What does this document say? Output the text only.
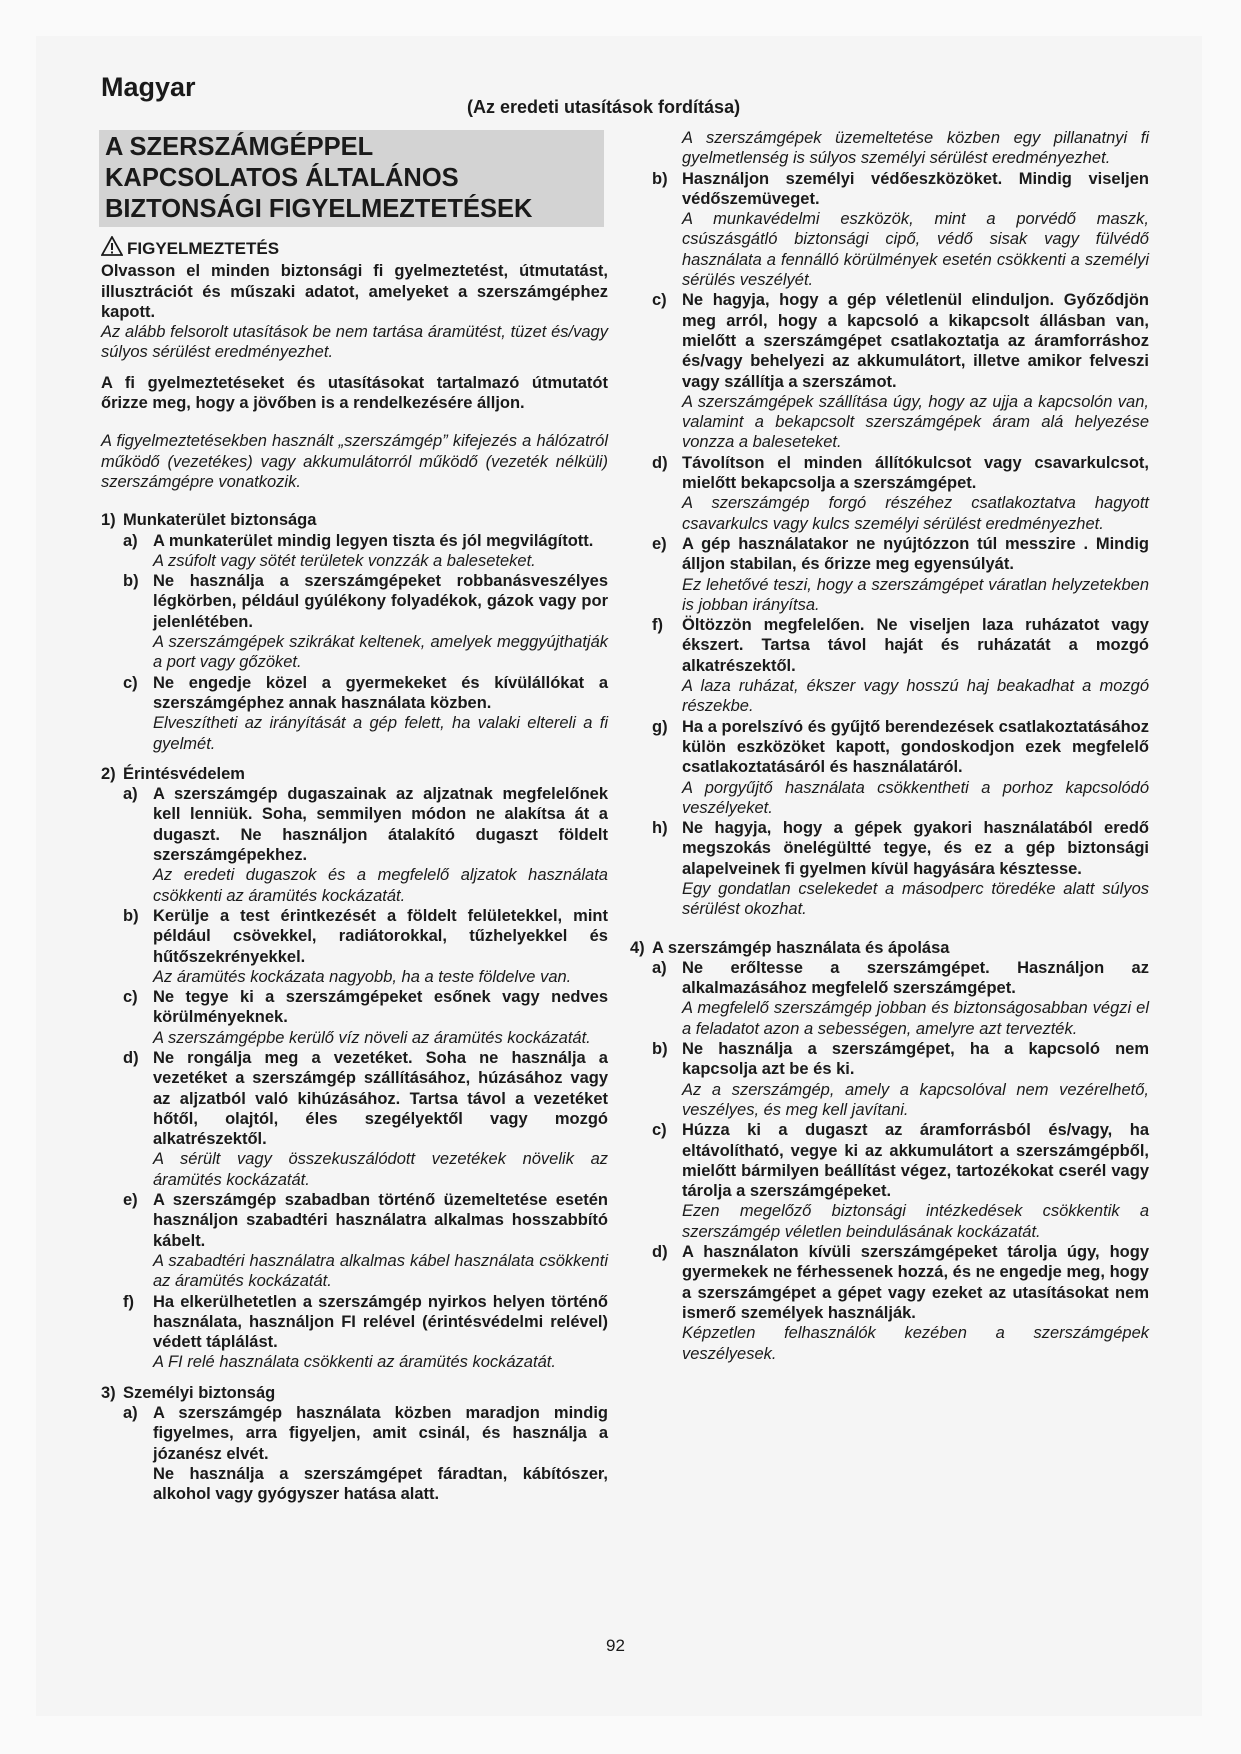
Magyar
(Az eredeti utasítások fordítása)
A SZERSZÁMGÉPPEL
KAPCSOLATOS ÁLTALÁNOS
BIZTONSÁGI FIGYELMEZTETÉSEK
FIGYELMEZTETÉS

Olvasson el minden biztonsági fi gyelmeztetést, útmutatást, illusztrációt és műszaki adatot, amelyeket a szerszámgéphez kapott.

Az alább felsorolt utasítások be nem tartása áramütést, tüzet és/vagy súlyos sérülést eredményezhet.

A fi gyelmeztetéseket és utasításokat tartalmazó útmutatót őrizze meg, hogy a jövőben is a rendelkezésére álljon.

A figyelmeztetésekben használt „szerszámgép” kifejezés a hálózatról működő (vezetékes) vagy akkumulátorról működő (vezeték nélküli) szerszámgépre vonatkozik.

1) Munkaterület biztonsága

a) A munkaterület mindig legyen tiszta és jól megvilágított.

A zsúfolt vagy sötét területek vonzzák a baleseteket.

b) Ne használja a szerszámgépeket robbanásveszélyes légkörben, például gyúlékony folyadékok, gázok vagy por jelenlétében.

A szerszámgépek szikrákat keltenek, amelyek meggyújthatják a port vagy gőzöket.

c) Ne engedje közel a gyermekeket és kívülállókat a szerszámgéphez annak használata közben.

Elveszítheti az irányítását a gép felett, ha valaki eltereli a fi gyelmét.

2) Érintésvédelem

a) A szerszámgép dugaszainak az aljzatnak megfelelőnek kell lenniük. Soha, semmilyen módon ne alakítsa át a dugaszt. Ne használjon átalakító dugaszt földelt szerszámgépekhez.

Az eredeti dugaszok és a megfelelő aljzatok használata csökkenti az áramütés kockázatát.

b) Kerülje a test érintkezését a földelt felületekkel, mint például csövekkel, radiátorokkal, tűzhelyekkel és hűtőszekrényekkel.

Az áramütés kockázata nagyobb, ha a teste földelve van.

c) Ne tegye ki a szerszámgépeket esőnek vagy nedves körülményeknek.

A szerszámgépbe kerülő víz növeli az áramütés kockázatát.

d) Ne rongálja meg a vezetéket. Soha ne használja a vezetéket a szerszámgép szállításához, húzásához vagy az aljzatból való kihúzásához. Tartsa távol a vezetéket hőtől, olajtól, éles szegélyektől vagy mozgó alkatrészektől.

A sérült vagy összekuszálódott vezetékek növelik az áramütés kockázatát.

e) A szerszámgép szabadban történő üzemeltetése esetén használjon szabadtéri használatra alkalmas hosszabbító kábelt.

A szabadtéri használatra alkalmas kábel használata csökkenti az áramütés kockázatát.

f)	Ha elkerülhetetlen a szerszámgép nyirkos helyen történő használata, használjon FI relével (érintésvédelmi relével) védett táplálást.

A FI relé használata csökkenti az áramütés kockázatát.

3) Személyi biztonság

a) A szerszámgép használata közben maradjon mindig figyelmes, arra figyeljen, amit csinál, és használja a józanész elvét.

Ne használja a szerszámgépet fáradtan, kábítószer, alkohol vagy gyógyszer hatása alatt.

A szerszámgépek üzemeltetése közben egy pillanatnyi fi gyelmetlenség is súlyos személyi sérülést eredményezhet.

b) Használjon személyi védőeszközöket. Mindig viseljen védőszemüveget.

A munkavédelmi eszközök, mint a porvédő maszk, csúszásgátló biztonsági cipő, védő sisak vagy fülvédő használata a fennálló körülmények esetén csökkenti a személyi sérülés veszélyét.

c) Ne hagyja, hogy a gép véletlenül elinduljon. Győződjön meg arról, hogy a kapcsoló a kikapcsolt állásban van, mielőtt a szerszámgépet csatlakoztatja az áramforráshoz és/vagy behelyezi az akkumulátort, illetve amikor felveszi vagy szállítja a szerszámot.

A szerszámgépek szállítása úgy, hogy az ujja a kapcsolón van, valamint a bekapcsolt szerszámgépek áram alá helyezése vonzza a baleseteket.

d) Távolítson el minden állítókulcsot vagy csavarkulcsot, mielőtt bekapcsolja a szerszámgépet.

A szerszámgép forgó részéhez csatlakoztatva hagyott csavarkulcs vagy kulcs személyi sérülést eredményezhet.

e) A gép használatakor ne nyújtózzon túl messzire . Mindig álljon stabilan, és őrizze meg egyensúlyát.

Ez lehetővé teszi, hogy a szerszámgépet váratlan helyzetekben is jobban irányítsa.

f)	Öltözzön megfelelően. Ne viseljen laza ruházatot vagy ékszert. Tartsa távol haját és ruházatát a mozgó alkatrészektől.

A laza ruházat, ékszer vagy hosszú haj beakadhat a mozgó részekbe.

g) Ha a porelszívó és gyűjtő berendezések csatlakoztatásához külön eszközöket kapott, gondoskodjon ezek megfelelő csatlakoztatásáról és használatáról.

A porgyűjtő használata csökkentheti a porhoz kapcsolódó veszélyeket.

h) Ne hagyja, hogy a gépek gyakori használatából eredő megszokás önelégültté tegye, és ez a gép biztonsági alapelveinek fi gyelmen kívül hagyására késztesse.

Egy gondatlan cselekedet a másodperc töredéke alatt súlyos sérülést okozhat.

4) A szerszámgép használata és ápolása

a) Ne erőltesse a szerszámgépet. Használjon az alkalmazásához megfelelő szerszámgépet.

A megfelelő szerszámgép jobban és biztonságosabban végzi el a feladatot azon a sebességen, amelyre azt tervezték.

b) Ne használja a szerszámgépet, ha a kapcsoló nem kapcsolja azt be és ki.

Az a szerszámgép, amely a kapcsolóval nem vezérelhető, veszélyes, és meg kell javítani.

c) Húzza ki a dugaszt az áramforrásból és/vagy, ha eltávolítható, vegye ki az akkumulátort a szerszámgépből, mielőtt bármilyen beállítást végez, tartozékokat cserél vagy tárolja a szerszámgépeket.

Ezen megelőző biztonsági intézkedések csökkentik a szerszámgép véletlen beindulásának kockázatát.

d) A használaton kívüli szerszámgépeket tárolja úgy, hogy gyermekek ne férhessenek hozzá, és ne engedje meg, hogy a szerszámgépet a gépet vagy ezeket az utasításokat nem ismerő személyek használják.

Képzetlen felhasználók kezében a szerszámgépek veszélyesek.

92
